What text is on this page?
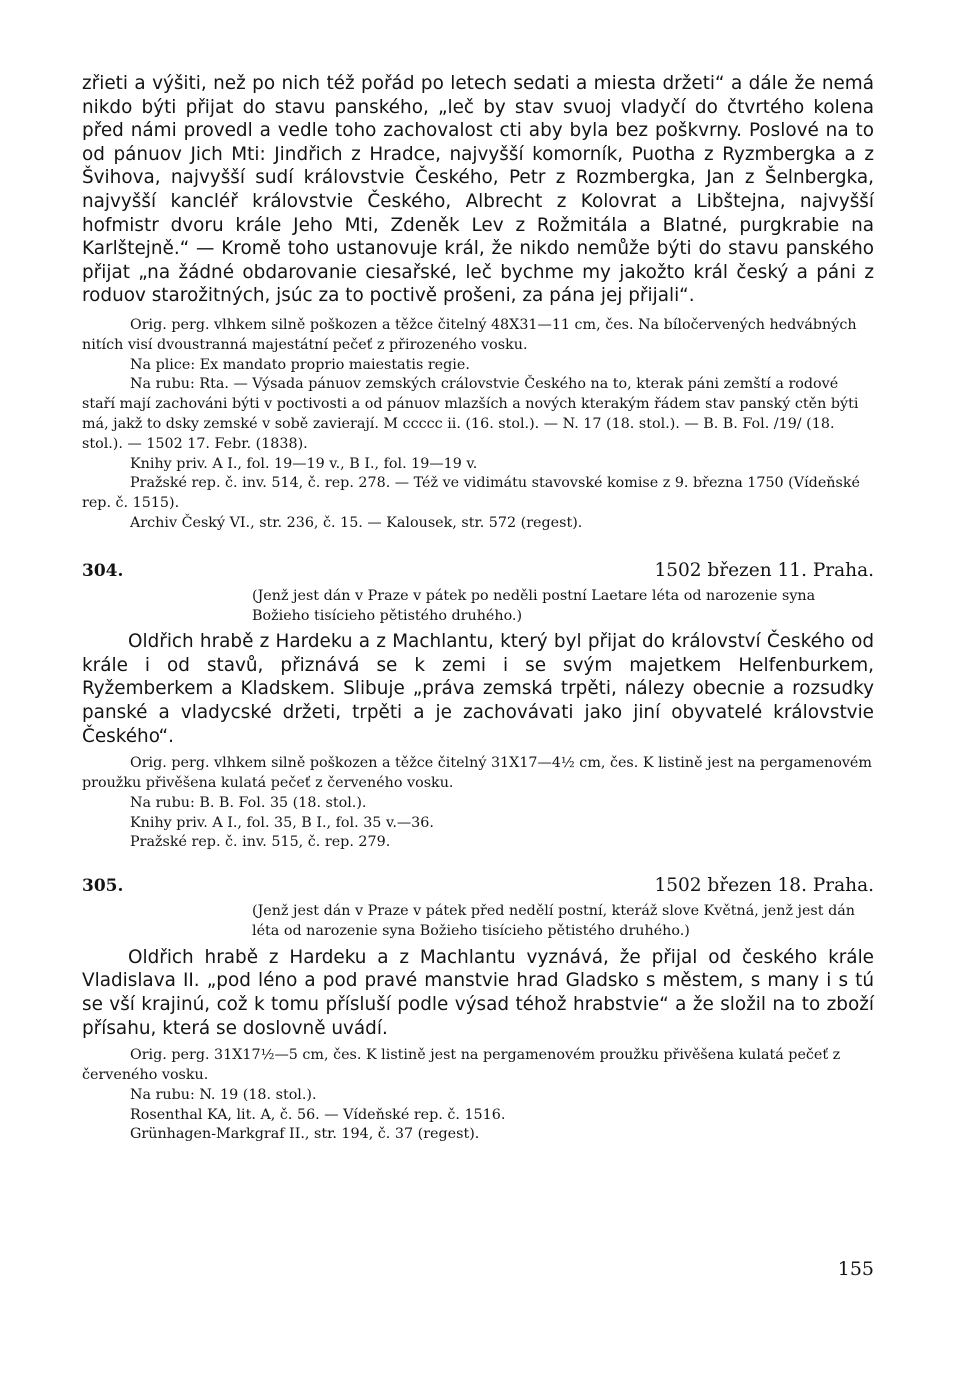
zřieti a výšiti, než po nich též pořád po letech sedati a miesta držeti“ a dále že nemá nikdo býti přijat do stavu panského, „leč by stav svuoj vladyčí do čtvrtého kolena před námi provedl a vedle toho zachovalost cti aby byla bez poškvrny. Poslové na to od pánuov Jich Mti: Jindřich z Hradce, najvyšší komorník, Puotha z Ryzmbergka a z Švihova, najvyšší sudí královstvie Českého, Petr z Rozmbergka, Jan z Šelnbergka, najvyšší kancléř královstvie Českého, Albrecht z Kolovrat a Libštejna, najvyšší hofmistr dvoru krále Jeho Mti, Zdeněk Lev z Rožmitála a Blatné, purgkrabie na Karlštejně.“ — Kromě toho ustanovuje král, že nikdo nemůže býti do stavu panského přijat „na žádné obdarovanie ciesařské, leč bychme my jakožto král český a páni z roduov starožitných, jsúc za to poctivě prošeni, za pána jej přijali“.

Orig. perg. vlhkem silně poškozen a těžce čitelný 48X31—11 cm, čes. Na bíločervených hedvábných nitích visí dvoustranná majestátní pečeť z přirozeného vosku.

Na plice: Ex mandato proprio maiestatis regie.

Na rubu: Rta. — Výsada pánuov zemských crálovstvie Českého na to, kterak páni zemští a rodové staří mají zachováni býti v poctivosti a od pánuov mlazších a nových kterakým řádem stav panský ctěn býti má, jakž to dsky zemské v sobě zavierají. M ccccc ii. (16. stol.). — N. 17 (18. stol.). — B. B. Fol. /19/ (18. stol.). — 1502 17. Febr. (1838).

Knihy priv. A I., fol. 19—19 v., B I., fol. 19—19 v.

Pražské rep. č. inv. 514, č. rep. 278. — Též ve vidimátu stavovské komise z 9. března 1750 (Vídeňské rep. č. 1515).

Archiv Český VI., str. 236, č. 15. — Kalousek, str. 572 (regest).

304.	1502 březen 11. Praha.

(Jenž jest dán v Praze v pátek po neděli postní Laetare léta od narozenie syna Božieho tisícieho pětistého druhého.)

Oldřich hrabě z Hardeku a z Machlantu, který byl přijat do království Českého od krále i od stavů, přiznává se k zemi i se svým majetkem Helfenburkem, Ryžemberkem a Kladskem. Slibuje „práva zemská trpěti, nálezy obecnie a rozsudky panské a vladycské držeti, trpěti a je zachovávati jako jiní obyvatelé královstvie Českého“.

Orig. perg. vlhkem silně poškozen a těžce čitelný 31X17—4½ cm, čes. K listině jest na pergamenovém proužku přivěšena kulatá pečeť z červeného vosku.

Na rubu: B. B. Fol. 35 (18. stol.).

Knihy priv. A I., fol. 35, B I., fol. 35 v.—36.

Pražské rep. č. inv. 515, č. rep. 279.

305.	1502 březen 18. Praha.

(Jenž jest dán v Praze v pátek před nedělí postní, kteráž slove Květná, jenž jest dán léta od narozenie syna Božieho tisícieho pětistého druhého.)

Oldřich hrabě z Hardeku a z Machlantu vyznává, že přijal od českého krále Vladislava II. „pod léno a pod pravé manstvie hrad Gladsko s městem, s many i s tú se vší krajinú, což k tomu přísluší podle výsad téhož hrabstvie“ a že složil na to zboží přísahu, která se doslovně uvádí.

Orig. perg. 31X17½—5 cm, čes. K listině jest na pergamenovém proužku přivěšena kulatá pečeť z červeného vosku.

Na rubu: N. 19 (18. stol.).

Rosenthal KA, lit. A, č. 56. — Vídeňské rep. č. 1516.

Grünhagen-Markgraf II., str. 194, č. 37 (regest).

155
